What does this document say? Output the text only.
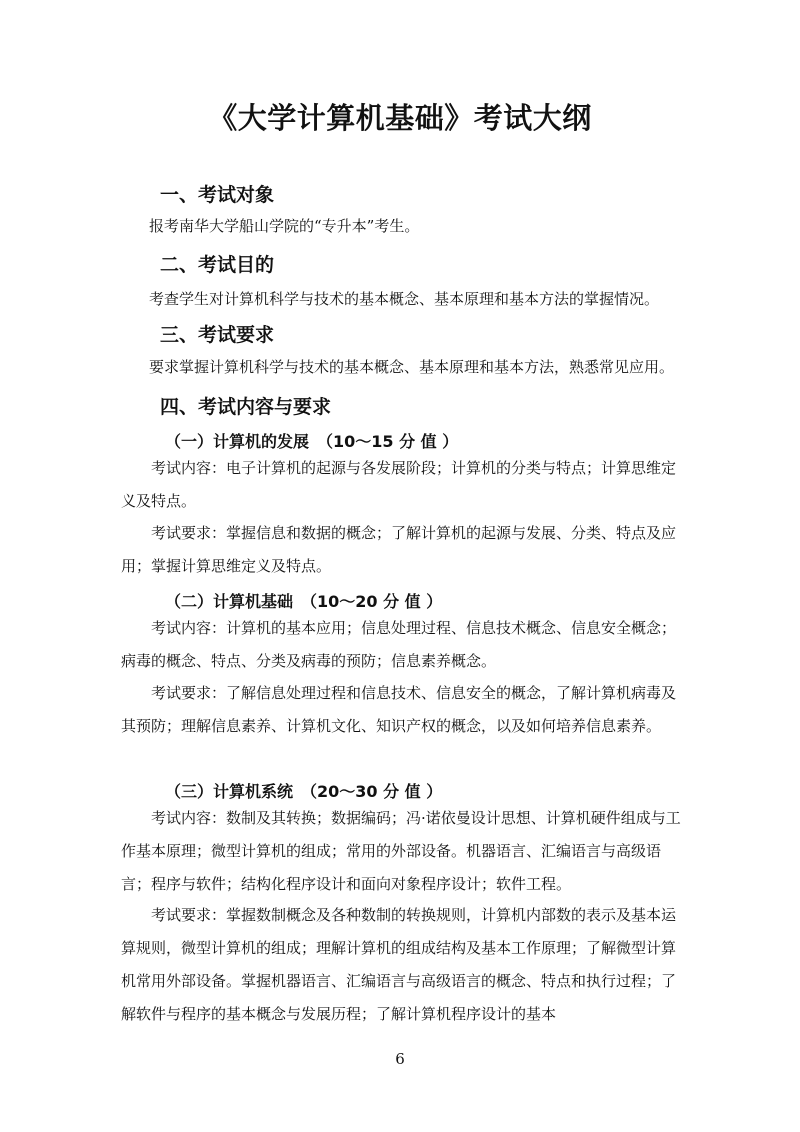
《大学计算机基础》考试大纲
一、考试对象
报考南华大学船山学院的“专升本”考生。
二、考试目的
考查学生对计算机科学与技术的基本概念、基本原理和基本方法的掌握情况。
三、考试要求
要求掌握计算机科学与技术的基本概念、基本原理和基本方法，熟悉常见应用。
四、考试内容与要求
（一）计算机的发展　（10～15 分 值 ）
考试内容：电子计算机的起源与各发展阶段；计算机的分类与特点；计算思维定义及特点。
考试要求：掌握信息和数据的概念；了解计算机的起源与发展、分类、特点及应用；掌握计算思维定义及特点。
（二）计算机基础　（10～20 分 值 ）
考试内容：计算机的基本应用；信息处理过程、信息技术概念、信息安全概念；病毒的概念、特点、分类及病毒的预防；信息素养概念。
考试要求：了解信息处理过程和信息技术、信息安全的概念，了解计算机病毒及其预防；理解信息素养、计算机文化、知识产权的概念，以及如何培养信息素养。
（三）计算机系统　（20～30 分 值 ）
考试内容：数制及其转换；数据编码；冯·诺依曼设计思想、计算机硬件组成与工作基本原理；微型计算机的组成；常用的外部设备。机器语言、汇编语言与高级语言；程序与软件；结构化程序设计和面向对象程序设计；软件工程。
考试要求：掌握数制概念及各种数制的转换规则，计算机内部数的表示及基本运算规则，微型计算机的组成；理解计算机的组成结构及基本工作原理；了解微型计算机常用外部设备。掌握机器语言、汇编语言与高级语言的概念、特点和执行过程；了解软件与程序的基本概念与发展历程；了解计算机程序设计的基本
6
